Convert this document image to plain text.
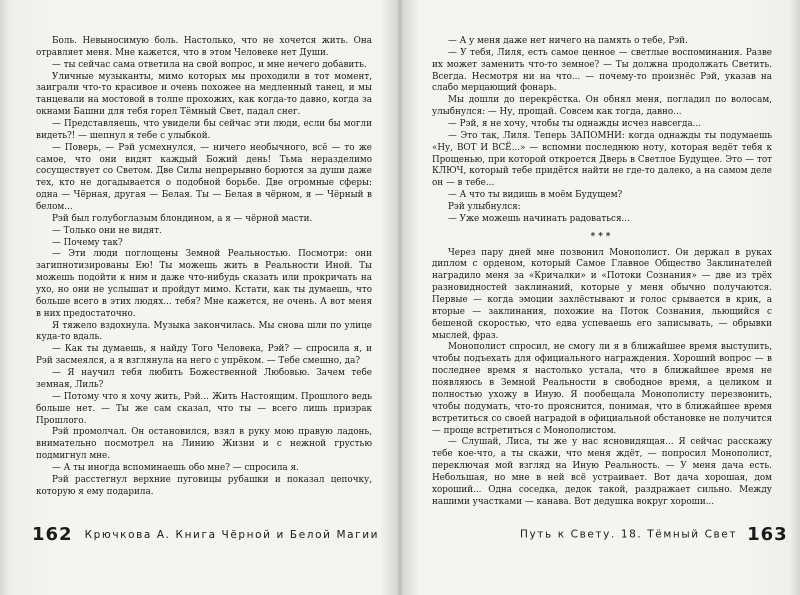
Боль. Невыносимую боль. Настолько, что не хочется жить. Она отравляет меня. Мне кажется, что в этом Человеке нет Души.

— ты сейчас сама ответила на свой вопрос, и мне нечего добавить.

Уличные музыканты, мимо которых мы проходили в тот момент, заиграли что-то красивое и очень похожее на медленный танец, и мы танцевали на мостовой в толпе прохожих, как когда-то давно, когда за окнами Башни для тебя горел Тёмный Свет, падал снег.

— Представляешь, что увидели бы сейчас эти люди, если бы могли видеть?! — шепнул я тебе с улыбкой.

— Поверь, — Рэй усмехнулся, — ничего необычного, всё — то же самое, что они видят каждый Божий день! Тьма неразделимо сосуществует со Светом. Две Силы непрерывно борются за души даже тех, кто не догадывается о подобной борьбе. Две огромные сферы: одна — Чёрная, другая — Белая. Ты — Белая в чёрном, я — Чёрный в белом...

Рэй был голубоглазым блондином, а я — чёрной масти.

— Только они не видят.

— Почему так?

— Эти люди поглощены Земной Реальностью. Посмотри: они загипнотизированы Ею! Ты можешь жить в Реальности Иной. Ты можешь подойти к ним и даже что-нибудь сказать или прокричать на ухо, но они не услышат и пройдут мимо. Кстати, как ты думаешь, что больше всего в этих людях... тебя? Мне кажется, не очень. А вот меня в них предостаточно.

Я тяжело вздохнула. Музыка закончилась. Мы снова шли по улице куда-то вдаль.

— Как ты думаешь, я найду Того Человека, Рэй? — спросила я, и Рэй засмеялся, а я взглянула на него с упрёком. — Тебе смешно, да?

— Я научил тебя любить Божественной Любовью. Зачем тебе земная, Лиль?

— Потому что я хочу жить, Рэй... Жить Настоящим. Прошлого ведь больше нет. — Ты же сам сказал, что ты — всего лишь призрак Прошлого.

Рэй промолчал. Он остановился, взял в руку мою правую ладонь, внимательно посмотрел на Линию Жизни и с нежной грустью подмигнул мне.

— А ты иногда вспоминаешь обо мне? — спросила я.

Рэй расстегнул верхние пуговицы рубашки и показал цепочку, которую я ему подарила.

162 Крючкова А. Книга Чёрной и Белой Магии

— А у меня даже нет ничего на память о тебе, Рэй.

— У тебя, Лиля, есть самое ценное — светлые воспоминания. Разве их может заменить что-то земное? — Ты должна продолжать Светить. Всегда. Несмотря ни на что... — почему-то произнёс Рэй, указав на слабо мерцающий фонарь.

Мы дошли до перекрёстка. Он обнял меня, погладил по волосам, улыбнулся: — Ну, прощай. Совсем как тогда, давно...

— Рэй, я не хочу, чтобы ты однажды исчез навсегда...

— Это так, Лиля. Теперь ЗАПОМНИ: когда однажды ты подумаешь «Ну, ВОТ И ВСЁ...» — вспомни последнюю ноту, которая ведёт тебя к Прощенью, при которой откроется Дверь в Светлое Будущее. Это — тот КЛЮЧ, который тебе придётся найти не где-то далеко, а на самом деле он — в тебе...

— А что ты видишь в моём Будущем?

Рэй улыбнулся:

— Уже можешь начинать радоваться...

***

Через пару дней мне позвонил Монополист. Он держал в руках диплом с орденом, который Самое Главное Общество Заклинателей наградило меня за «Кричалки» и «Потоки Сознания» — две из трёх разновидностей заклинаний, которые у меня обычно получаются. Первые — когда эмоции захлёстывают и голос срывается в крик, а вторые — заклинания, похожие на Поток Сознания, льющийся с бешеной скоростью, что едва успеваешь его записывать, — обрывки мыслей, фраз.

Монополист спросил, не смогу ли я в ближайшее время выступить, чтобы подъехать для официального награждения. Хороший вопрос — в последнее время я настолько устала, что в ближайшее время не появляюсь в Земной Реальности в свободное время, а целиком и полностью ухожу в Иную. Я пообещала Монополисту перезвонить, чтобы подумать, что-то прояснится, понимая, что в ближайшее время встретиться со своей наградой в официальной обстановке не получится — проще встретиться с Монополистом.

— Слушай, Лиса, ты же у нас ясновидящая... Я сейчас расскажу тебе кое-что, а ты скажи, что меня ждёт, — попросил Монополист, переключая мой взгляд на Иную Реальность. — У меня дача есть. Небольшая, но мне в ней всё устраивает. Вот дача хорошая, дом хороший... Одна соседка, дедок такой, раздражает сильно. Между нашими участками — канава. Вот дедушка вокруг хороши...

Путь к Свету. 18. Тёмный Свет 163
